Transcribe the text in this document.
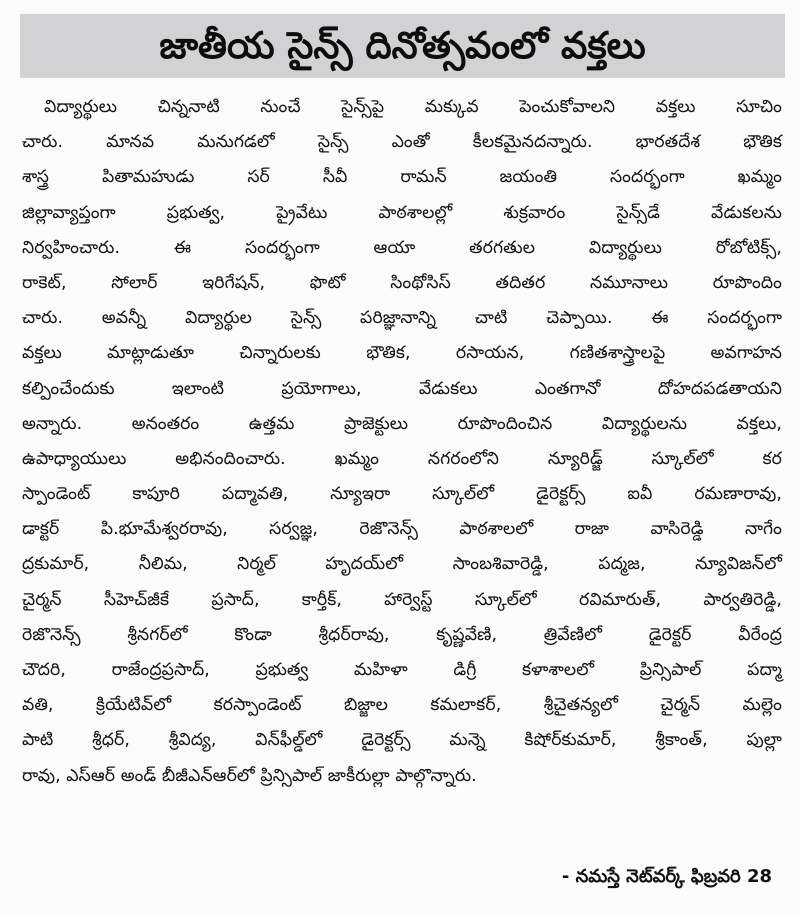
జాతీయ సైన్స్ దినోత్సవంలో వక్తలు
విద్యార్థులు చిన్ననాటి నుంచే సైన్స్‌పై మక్కువ పెంచుకోవాలని వక్తలు సూచిం
చారు. మానవ మనుగడలో సైన్స్ ఎంతో కీలకమైనదన్నారు. భారతదేశ భౌతిక
శాస్త్ర పితామహుడు సర్ సీవీ రామన్ జయంతి సందర్భంగా ఖమ్మం
జిల్లావ్యాప్తంగా ప్రభుత్వ, ప్రైవేటు పాఠశాలల్లో శుక్రవారం సైన్స్‌డే వేడుకలను
నిర్వహించారు. ఈ సందర్భంగా ఆయా తరగతుల విద్యార్థులు రోబోటిక్స్,
రాకెట్, సోలార్ ఇరిగేషన్, ఫొటో సింథోసిస్ తదితర నమూనాలు రూపొందిం
చారు. అవన్నీ విద్యార్థుల సైన్స్ పరిజ్ఞానాన్ని చాటి చెప్పాయి. ఈ సందర్భంగా
వక్తలు మాట్లాడుతూ చిన్నారులకు భౌతిక, రసాయన, గణితశాస్త్రాలపై అవగాహన
కల్పించేందుకు ఇలాంటి ప్రయోగాలు, వేడుకలు ఎంతగానో దోహదపడతాయని
అన్నారు. అనంతరం ఉత్తమ ప్రాజెక్టులు రూపొందించిన విద్యార్థులను వక్తలు,
ఉపాధ్యాయులు అభినందించారు. ఖమ్మం నగరంలోని న్యూరిడ్జ్ స్కూల్‌లో కర
స్పాండెంట్ కాపూరి పద్మావతి, న్యూఇరా స్కూల్‌లో డైరెక్టర్స్ ఐవీ రమణారావు,
డాక్టర్ పి.భూమేశ్వరరావు, సర్వజ్ఞ, రెజొనెన్స్ పాఠశాలలో రాజా వాసిరెడ్డి నాగేం
ద్రకుమార్, నీలిమ, నిర్మల్ హృదయ్‌లో సాంబశివారెడ్డి, పద్మజ, న్యూవిజన్‌లో
చైర్మన్ సీహెచ్‌జీకే ప్రసాద్, కార్తీక్, హార్వెస్ట్ స్కూల్‌లో రవిమారుత్, పార్వతిరెడ్డి,
రెజొనెన్స్ శ్రీనగర్‌లో కొండా శ్రీధర్‌రావు, కృష్ణవేణి, త్రివేణిలో డైరెక్టర్ వీరేంద్ర
చౌదరి, రాజేంద్రప్రసాద్, ప్రభుత్వ మహిళా డిగ్రీ కళాశాలలో ప్రిన్సిపాల్ పద్మా
వతి, క్రియేటివ్‌లో కరస్పాండెంట్ బిజ్జాల కమలాకర్, శ్రీచైతన్యలో చైర్మన్ మల్లెం
పాటి శ్రీధర్, శ్రీవిద్య, విన్‌ఫీల్డ్‌లో డైరెక్టర్స్ మన్నె కిషోర్‌కుమార్, శ్రీకాంత్, పుల్లా
రావు, ఎస్‌ఆర్ అండ్ బీజీఎన్‌ఆర్‌లో ప్రిన్సిపాల్ జాకీరుల్లా పాల్గొన్నారు.
- నమస్తే నెట్‌వర్క్ ఫిబ్రవరి 28
